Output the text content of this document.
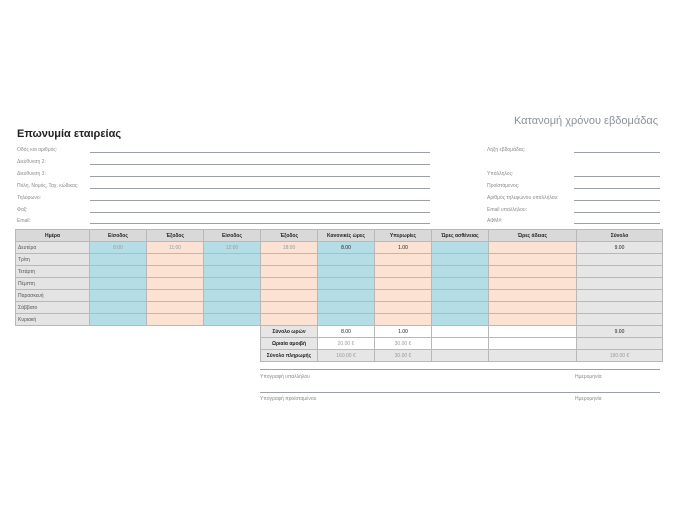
Κατανομή χρόνου εβδομάδας
Επωνυμία εταιρείας
Οδός και αριθμός:
Διεύθυνση 2:
Διεύθυνση 3:
Πόλη, Νομός, Ταχ. κώδικας:
Τηλέφωνο:
Φαξ:
Email:
Λήξη εβδομάδας:
Υπάλληλος:
Προϊστάμενος:
Αριθμός τηλεφώνου υπαλλήλου:
Email υπαλλήλου:
ΑΦΜ#:
Ημέρα	Είσοδος	Έξοδος	Είσοδος	Έξοδος	Κανονικές ώρες	Υπερωρίες	Ώρες ασθένειας	Ώρες άδειας	Σύνολο
Δευτέρα	8:00	11:00	12:00	18:00	8.00	1.00			9.00
Τρίτη									
Τετάρτη									
Πέμπτη									
Παρασκευή									
Σάββατο									
Κυριακή									
				Σύνολο ωρών	8.00	1.00			9.00
				Ωριαία αμοιβή	20.00 €	30.00 €			
				Σύνολο πληρωμής	160.00 €	30.00 €			190.00 €
Υπογραφή υπαλλήλου	Ημερομηνία
Υπογραφή προϊσταμένου	Ημερομηνία
